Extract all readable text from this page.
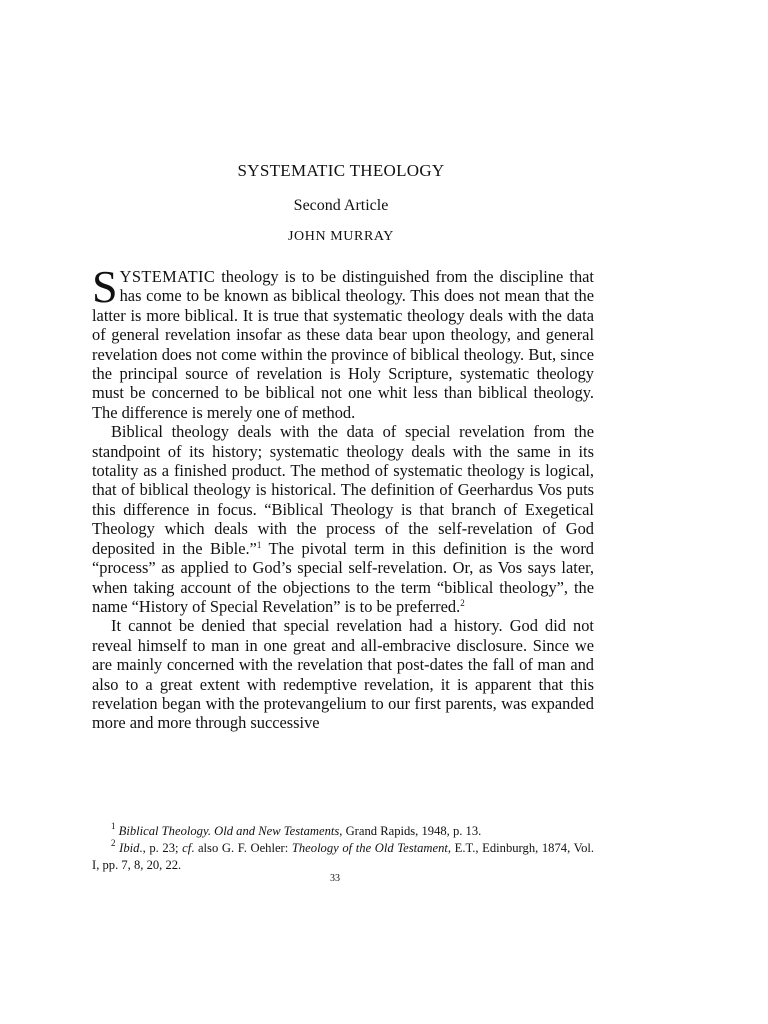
SYSTEMATIC THEOLOGY
Second Article
JOHN MURRAY

SYSTEMATIC theology is to be distinguished from the discipline that has come to be known as biblical theology. This does not mean that the latter is more biblical. It is true that systematic theology deals with the data of general revelation insofar as these data bear upon theology, and general revelation does not come within the province of biblical theology. But, since the principal source of revelation is Holy Scripture, systematic theology must be concerned to be biblical not one whit less than biblical theology. The difference is merely one of method.

Biblical theology deals with the data of special revelation from the standpoint of its history; systematic theology deals with the same in its totality as a finished product. The method of systematic theology is logical, that of biblical theology is historical. The definition of Geerhardus Vos puts this difference in focus. “Biblical Theology is that branch of Exegetical Theology which deals with the process of the self-revelation of God deposited in the Bible.”$^1$ The pivotal term in this definition is the word “process” as applied to God’s special self-revelation. Or, as Vos says later, when taking account of the objections to the term “biblical theology”, the name “History of Special Revelation” is to be preferred.$^2$

It cannot be denied that special revelation had a history. God did not reveal himself to man in one great and all-embracive disclosure. Since we are mainly concerned with the revelation that post-dates the fall of man and also to a great extent with redemptive revelation, it is apparent that this revelation began with the protevangelium to our first parents, was expanded more and more through successive

$^1$ Biblical Theology. Old and New Testaments, Grand Rapids, 1948, p. 13.

$^2$ Ibid., p. 23; cf. also G. F. Oehler: Theology of the Old Testament, E.T., Edinburgh, 1874, Vol. I, pp. 7, 8, 20, 22.

33
